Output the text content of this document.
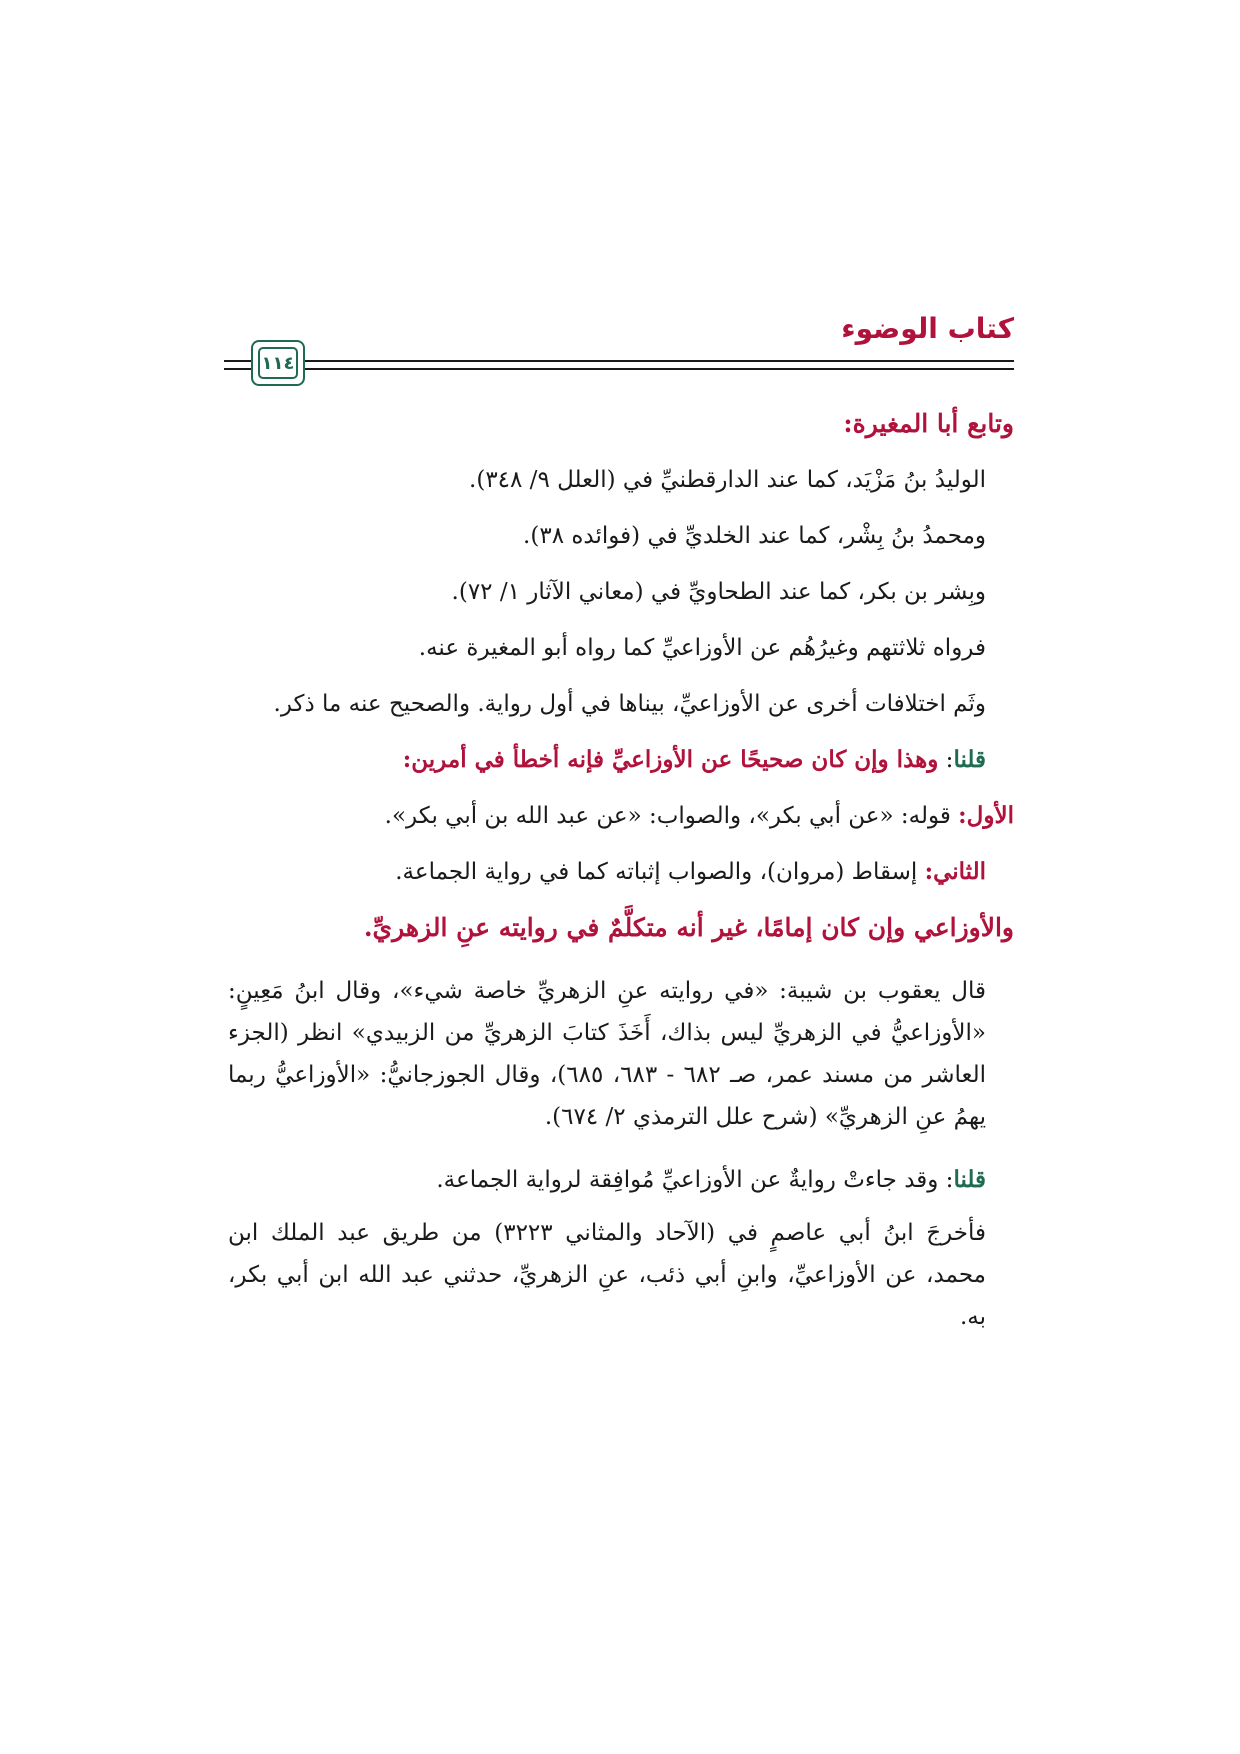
كتاب الوضوء
١١٤

وتابع أبا المغيرة:

الوليدُ بنُ مَزْيَد، كما عند الدارقطنيِّ في (العلل ٩/ ٣٤٨).

ومحمدُ بنُ بِشْر، كما عند الخلديِّ في (فوائده ٣٨).

وبِشر بن بكر، كما عند الطحاويِّ في (معاني الآثار ١/ ٧٢).

فرواه ثلاثتهم وغيرُهُم عن الأوزاعيِّ كما رواه أبو المغيرة عنه.

وثَم اختلافات أخرى عن الأوزاعيِّ، بيناها في أول رواية. والصحيح عنه ما ذكر.

قلنا: وهذا وإن كان صحيحًا عن الأوزاعيِّ فإنه أخطأ في أمرين:

الأول: قوله: «عن أبي بكر»، والصواب: «عن عبد الله بن أبي بكر».

الثاني: إسقاط (مروان)، والصواب إثباته كما في رواية الجماعة.

والأوزاعي وإن كان إمامًا، غير أنه متكلَّمٌ في روايته عنِ الزهريِّ.

قال يعقوب بن شيبة: «في روايته عنِ الزهريِّ خاصة شيء»، وقال ابنُ مَعِينٍ: «الأوزاعيُّ في الزهريِّ ليس بذاك، أَخَذَ كتابَ الزهريِّ من الزبيدي» انظر (الجزء العاشر من مسند عمر، صـ ٦٨٢ - ٦٨٣، ٦٨٥)، وقال الجوزجانيُّ: «الأوزاعيُّ ربما يهمُ عنِ الزهريِّ» (شرح علل الترمذي ٢/ ٦٧٤).

قلنا: وقد جاءتْ روايةٌ عن الأوزاعيِّ مُوافِقة لرواية الجماعة.

فأخرجَ ابنُ أبي عاصمٍ في (الآحاد والمثاني ٣٢٢٣) من طريق عبد الملك ابن محمد، عن الأوزاعيِّ، وابنِ أبي ذئب، عنِ الزهريِّ، حدثني عبد الله ابن أبي بكر، به.
